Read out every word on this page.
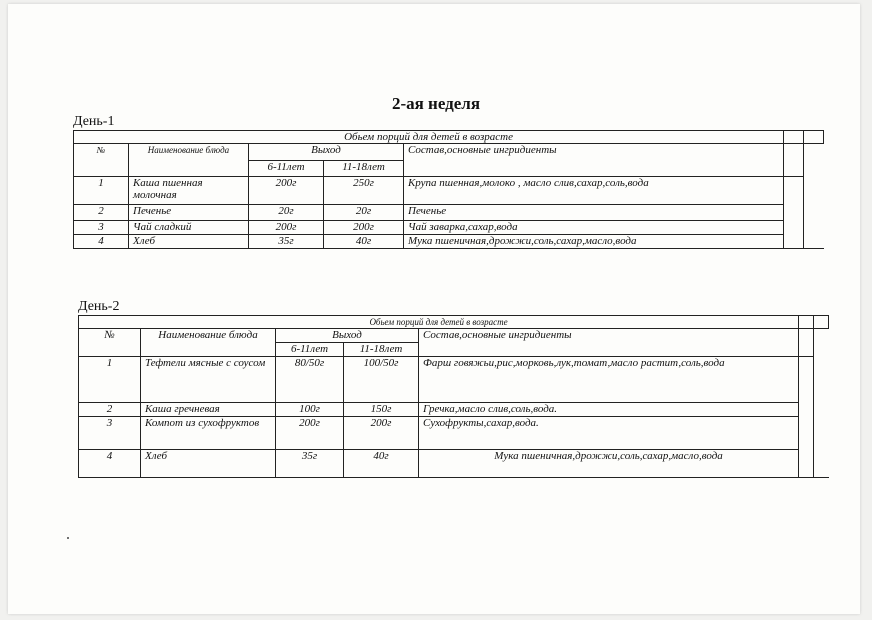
2-ая неделя
День-1
Обьем порций для детей в возрасте						
№	Наименование блюда	Выход		Состав,основные ингридиенты		
		6-11лет	11-18лет			
1	Каша пшенная молочная	200г	250г	Крупа пшенная,молоко , масло слив,сахар,соль,вода		
2	Печенье	20г	20г	Печенье		
3	Чай сладкий	200г	200г	Чай заварка,сахар,вода		
4	Хлеб	35г	40г	Мука пшеничная,дрожжи,соль,сахар,масло,вода		
День-2
Обьем порций для детей в возрасте						
№	Наименование блюда	Выход		Состав,основные ингридиенты		
		6-11лет	11-18лет			
1	Тефтели мясные с соусом	80/50г	100/50г	Фарш говяжьи,рис,морковь,лук,томат,масло растит,соль,вода		
2	Каша гречневая	100г	150г	Гречка,масло слив,соль,вода.		
3	Компот из сухофруктов	200г	200г	Сухофрукты,сахар,вода.		
4	Хлеб	35г	40г	Мука пшеничная,дрожжи,соль,сахар,масло,вода		
